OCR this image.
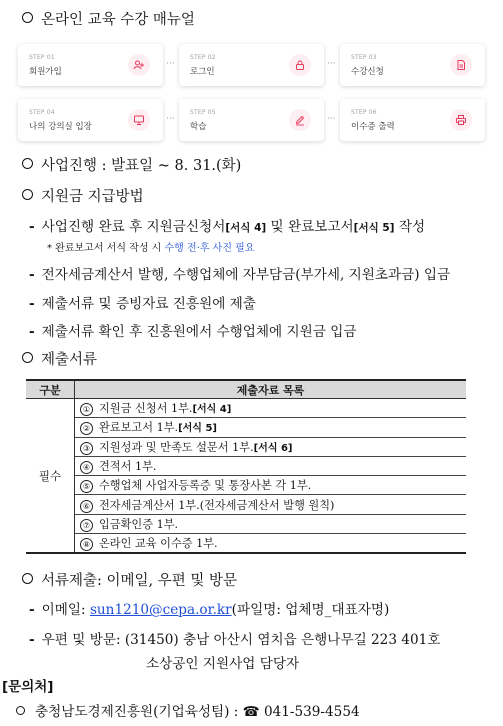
온라인 교육 수강 매뉴얼
STEP 01
회원가입
···
STEP 02
로그인
···
STEP 03
수강신청
STEP 04
나의 강의실 입장
···
STEP 05
학습
···
STEP 06
이수증 출력
사업진행 : 발표일 ~ 8. 31.(화)
지원금 지급방법
- 사업진행 완료 후 지원금신청서[서식 4] 및 완료보고서[서식 5] 작성
* 완료보고서 서식 작성 시 수행 전·후 사진 필요
- 전자세금계산서 발행, 수행업체에 자부담금(부가세, 지원초과금) 입금
- 제출서류 및 증빙자료 진흥원에 제출
- 제출서류 확인 후 진흥원에서 수행업체에 지원금 입금
제출서류
구분	제출자료 목록
필수	① 지원금 신청서 1부.[서식 4]
	② 완료보고서 1부.[서식 5]
	③ 지원성과 및 만족도 설문서 1부.[서식 6]
	④ 견적서 1부.
	⑤ 수행업체 사업자등록증 및 통장사본 각 1부.
	⑥ 전자세금계산서 1부.(전자세금계산서 발행 원칙)
	⑦ 입금확인증 1부.
	⑧ 온라인 교육 이수증 1부.
서류제출: 이메일, 우편 및 방문
- 이메일: sun1210@cepa.or.kr(파일명: 업체명_대표자명)
- 우편 및 방문: (31450) 충남 아산시 염치읍 은행나무길 223 401호
소상공인 지원사업 담당자
[문의처]
충청남도경제진흥원(기업육성팀) : ☎ 041-539-4554
